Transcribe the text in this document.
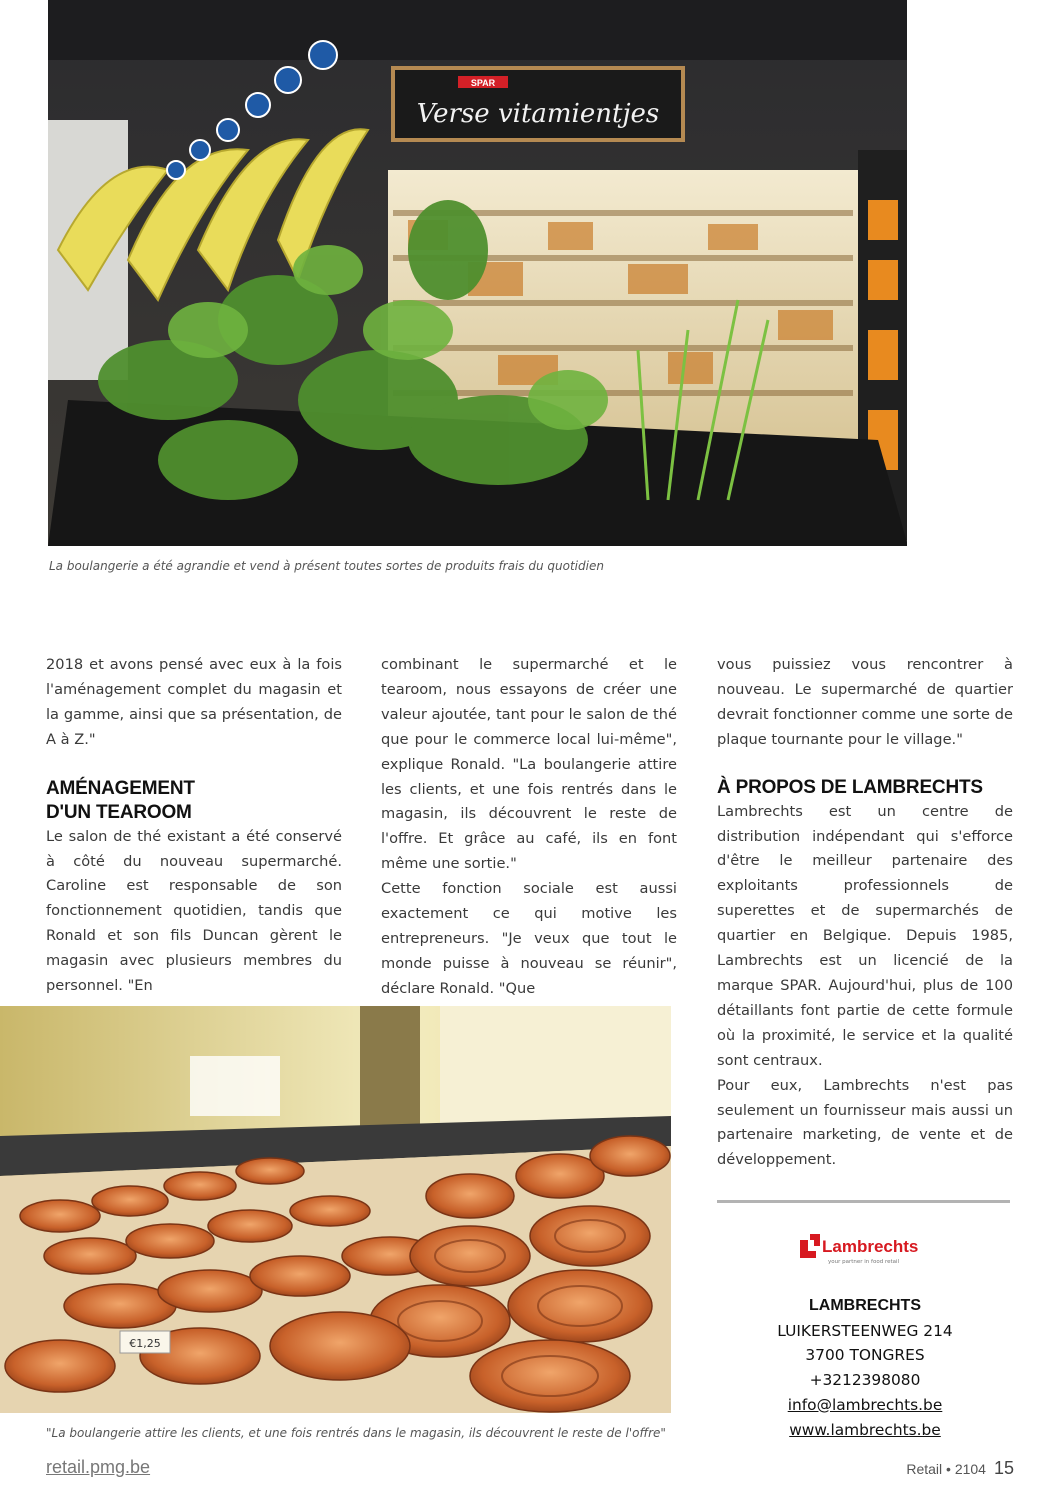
SPAR
Verse vitamientjes
La boulangerie a été agrandie et vend à présent toutes sortes de produits frais du quotidien

2018 et avons pensé avec eux à la fois l'aménagement complet du magasin et la gamme, ainsi que sa présentation, de A à Z."

AMÉNAGEMENT
D'UN TEAROOM

Le salon de thé existant a été conservé à côté du nouveau supermarché. Caroline est responsable de son fonctionnement quotidien, tandis que Ronald et son fils Duncan gèrent le magasin avec plusieurs membres du personnel. "En

combinant le supermarché et le tearoom, nous essayons de créer une valeur ajoutée, tant pour le salon de thé que pour le commerce local lui-même", explique Ronald. "La boulangerie attire les clients, et une fois rentrés dans le magasin, ils découvrent le reste de l'offre. Et grâce au café, ils en font même une sortie."

Cette fonction sociale est aussi exactement ce qui motive les entrepreneurs. "Je veux que tout le monde puisse à nouveau se réunir", déclare Ronald. "Que

vous puissiez vous rencontrer à nouveau. Le supermarché de quartier devrait fonctionner comme une sorte de plaque tournante pour le village."

À PROPOS DE LAMBRECHTS

Lambrechts est un centre de distribution indépendant qui s'efforce d'être le meilleur partenaire des exploitants professionnels de superettes et de supermarchés de quartier en Belgique. Depuis 1985, Lambrechts est un licencié de la marque SPAR. Aujourd'hui, plus de 100 détaillants font partie de cette formule où la proximité, le service et la qualité sont centraux.

Pour eux, Lambrechts n'est pas seulement un fournisseur mais aussi un partenaire marketing, de vente et de développement.

€1,25
"La boulangerie attire les clients, et une fois rentrés dans le magasin, ils découvrent le reste de l'offre"
Lambrechts
your partner in food retail
LAMBRECHTS
LUIKERSTEENWEG 214
3700 TONGRES
+3212398080
info@lambrechts.be
www.lambrechts.be
retail.pmg.be	Retail • 2104 15
